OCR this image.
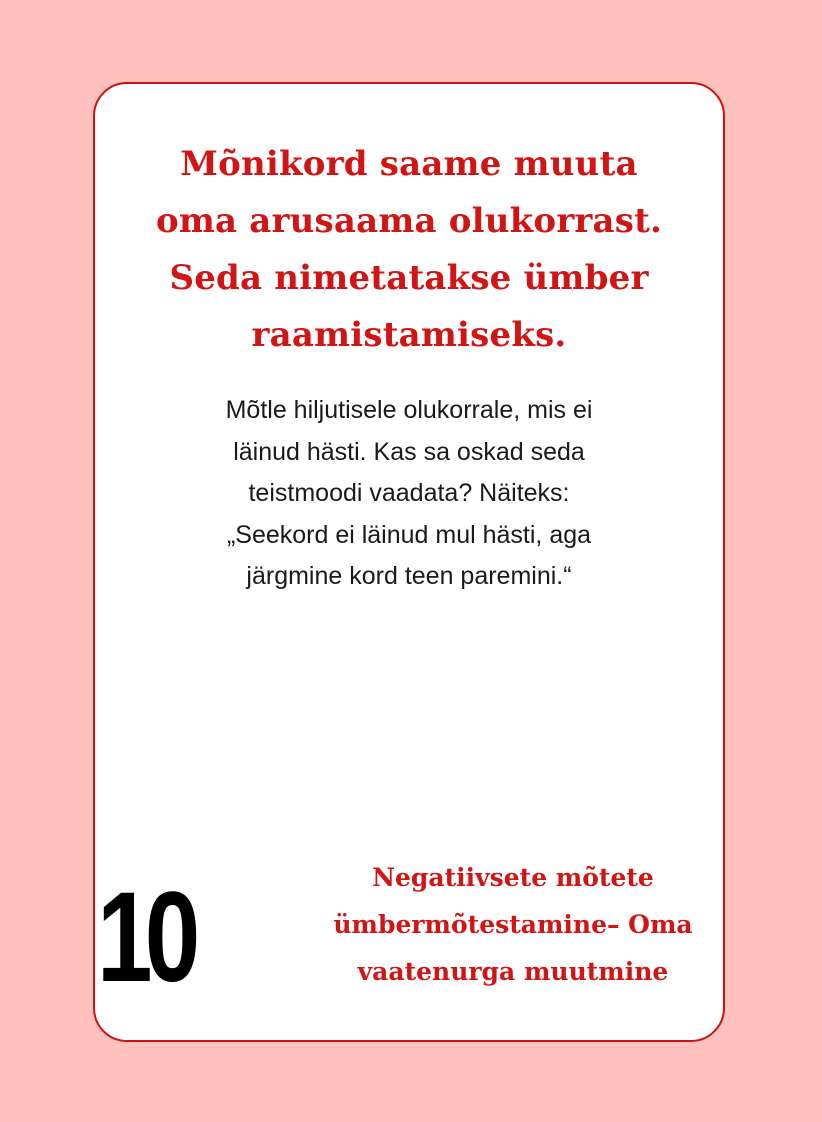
Mõnikord saame muuta
oma arusaama olukorrast.
Seda nimetatakse ümber
raamistamiseks.
Mõtle hiljutisele olukorrale, mis ei
läinud hästi. Kas sa oskad seda
teistmoodi vaadata? Näiteks:
„Seekord ei läinud mul hästi, aga
järgmine kord teen paremini.“
10	Negatiivsete mõtete
ümbermõtestamine– Oma
vaatenurga muutmine
